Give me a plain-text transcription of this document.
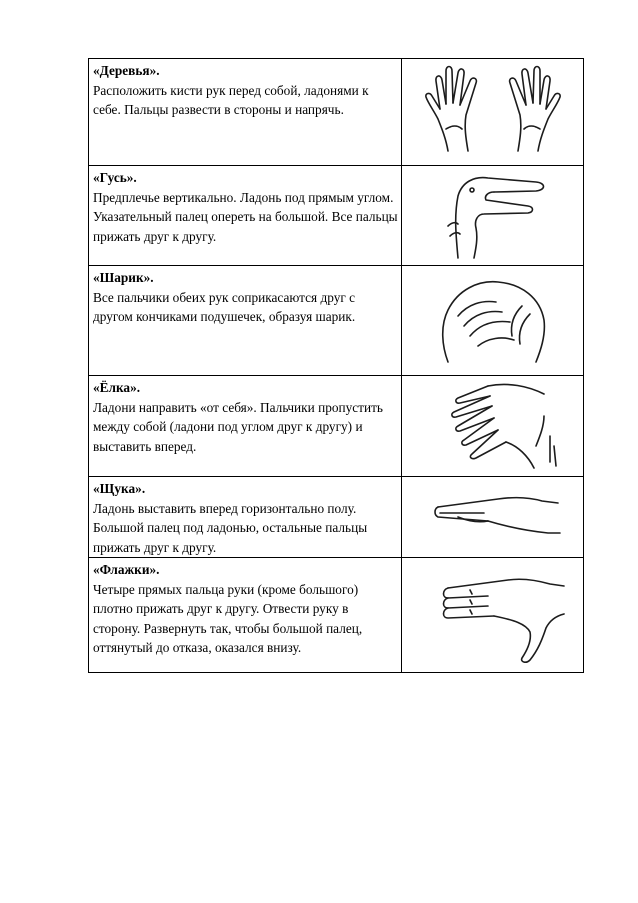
«Деревья».
Расположить кисти рук перед собой, ладонями к себе. Пальцы развести в стороны и напрячь.

«Гусь».
Предплечье вертикально. Ладонь под прямым углом. Указательный палец опереть на большой. Все пальцы прижать друг к другу.

«Шарик».
Все пальчики обеих рук соприкасаются друг с другом кончиками подушечек, образуя шарик.

«Ёлка».
Ладони направить «от себя». Пальчики пропустить между собой (ладони под углом друг к другу) и выставить вперед.

«Щука».
Ладонь выставить вперед горизонтально полу. Большой палец под ладонью, остальные пальцы прижать друг к другу.

«Флажки».
Четыре прямых пальца руки (кроме большого) плотно прижать друг к другу. Отвести руку в сторону. Развернуть так, чтобы большой палец, оттянутый до отказа, оказался внизу.
